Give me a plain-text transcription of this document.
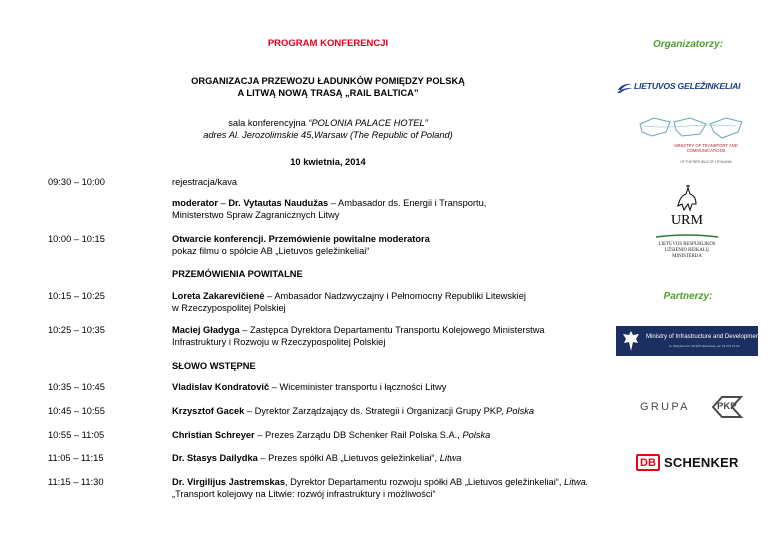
PROGRAM KONFERENCJI	Organizatorzy:
ORGANIZACJA PRZEWOZU ŁADUNKÓW POMIĘDZY POLSKĄ
A LITWĄ NOWĄ TRASĄ „RAIL BALTICA”
sala konferencyjna “POLONIA PALACE HOTEL”
adres Al. Jerozolimskie 45,Warsaw (The Republic of Poland)
10 kwietnia, 2014
09:30 – 10:00	rejestracja/kava
moderator – Dr. Vytautas Naudužas – Ambasador ds. Energii i Transportu,
Ministerstwo Spraw Zagranicznych Litwy
10:00 – 10:15	Otwarcie konferencji. Przemówienie powitalne moderatora
pokaz filmu o spółcie AB „Lietuvos geležinkeliai“
PRZEMÓWIENIA POWITALNE
10:15 – 10:25	Loreta Zakarevičienė – Ambasador Nadzwyczajny i Pełnomocny Republiki Litewskiej
w Rzeczypospolitej Polskiej
10:25 – 10:35	Maciej Gładyga – Zastępca Dyrektora Departamentu Transportu Kolejowego Ministerstwa
Infrastruktury i Rozwoju w Rzeczypospolitej Polskiej
SŁOWO WSTĘPNE
10:35 – 10:45	Vladislav Kondratovič – Wiceminister transportu i łączności Litwy
10:45 – 10:55	Krzysztof Gacek – Dyrektor Zarządzający ds. Strategii i Organizacji Grupy PKP, Polska
10:55 – 11:05	Christian Schreyer – Prezes Zarządu DB Schenker Rail Polska S.A., Polska
11:05 – 11:15	Dr. Stasys Dailydka – Prezes spółki AB „Lietuvos geležinkeliai“, Litwa
11:15 – 11:30	Dr. Virgilijus Jastremskas, Dyrektor Departamentu rozwoju spółki AB „Lietuvos geležinkeliai“, Litwa.
„Transport kolejowy na Litwie: rozwój infrastruktury i możliwości“
Partnerzy:
LIETUVOS GELEŽINKELIAI
MINISTRY OF TRANSPORT AND COMMUNICATIONS
OF THE REPUBLIC OF LITHUANIA
URM
LIETUVOS RESPUBLIKOS
UŽSIENIO REIKALŲ
MINISTERIJA
Ministry of Infrastructure and Development
ul. Wspólna 2/4, 00-926 Warszawa, tel. 22 273 70 00
GRUPA	PKP
DB SCHENKER
